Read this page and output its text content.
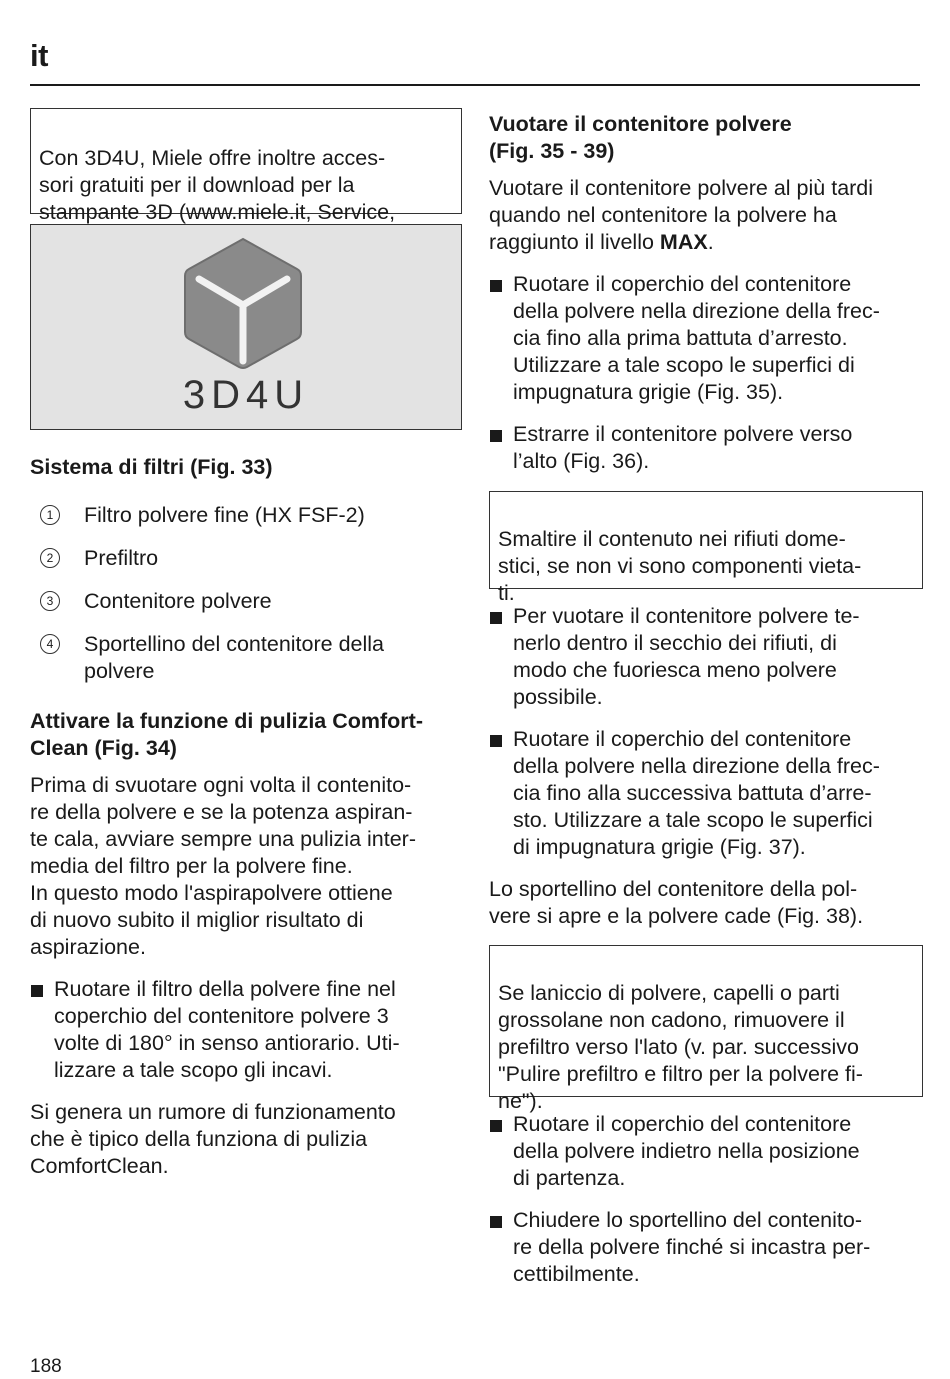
it

Con 3D4U, Miele offre inoltre acces-
sori gratuiti per il download per la
stampante 3D (www.miele.it, Service,

3D4U
Sistema di filtri (Fig. 33)
1	Filtro polvere fine (HX FSF-2)
2	Prefiltro
3	Contenitore polvere
4	Sportellino del contenitore della polvere
Attivare la funzione di pulizia Comfort-
Clean (Fig. 34)

Prima di svuotare ogni volta il contenito-
re della polvere e se la potenza aspiran-
te cala, avviare sempre una pulizia inter-
media del filtro per la polvere fine.
In questo modo l'aspirapolvere ottiene
di nuovo subito il miglior risultato di
aspirazione.

Ruotare il filtro della polvere fine nel
coperchio del contenitore polvere 3
volte di 180° in senso antiorario. Uti-
lizzare a tale scopo gli incavi.

Si genera un rumore di funzionamento
che è tipico della funziona di pulizia
ComfortClean.

Vuotare il contenitore polvere
(Fig. 35 - 39)

Vuotare il contenitore polvere al più tardi
quando nel contenitore la polvere ha
raggiunto il livello MAX.

Ruotare il coperchio del contenitore
della polvere nella direzione della frec-
cia fino alla prima battuta d’arresto.
Utilizzare a tale scopo le superfici di
impugnatura grigie (Fig. 35).
Estrarre il contenitore polvere verso
l’alto (Fig. 36).

Smaltire il contenuto nei rifiuti dome-
stici, se non vi sono componenti vieta-
ti.

Per vuotare il contenitore polvere te-
nerlo dentro il secchio dei rifiuti, di
modo che fuoriesca meno polvere
possibile.
Ruotare il coperchio del contenitore
della polvere nella direzione della frec-
cia fino alla successiva battuta d’arre-
sto. Utilizzare a tale scopo le superfici
di impugnatura grigie (Fig. 37).

Lo sportellino del contenitore della pol-
vere si apre e la polvere cade (Fig. 38).

Se laniccio di polvere, capelli o parti
grossolane non cadono, rimuovere il
prefiltro verso l'lato (v. par. successivo
"Pulire prefiltro e filtro per la polvere fi-
ne").

Ruotare il coperchio del contenitore
della polvere indietro nella posizione
di partenza.
Chiudere lo sportellino del contenito-
re della polvere finché si incastra per-
cettibilmente.
188
